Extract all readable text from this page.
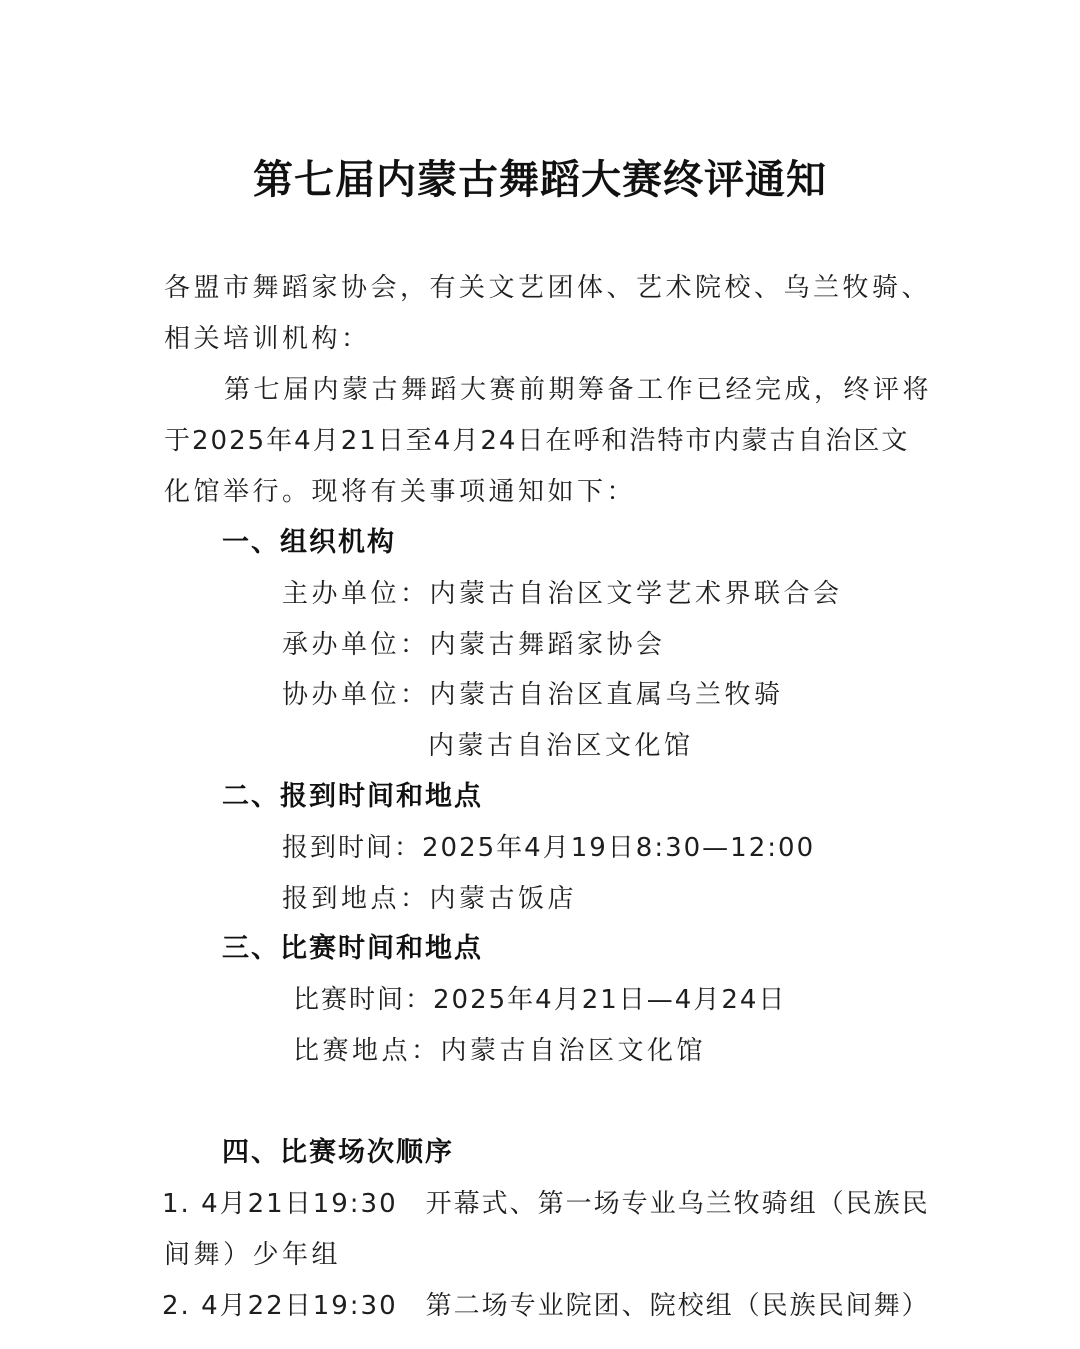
第七届内蒙古舞蹈大赛终评通知
各盟市舞蹈家协会，有关文艺团体、艺术院校、乌兰牧骑、
相关培训机构：
第七届内蒙古舞蹈大赛前期筹备工作已经完成，终评将
于2025年4月21日至4月24日在呼和浩特市内蒙古自治区文
化馆举行。现将有关事项通知如下：
一、组织机构
主办单位：内蒙古自治区文学艺术界联合会
承办单位：内蒙古舞蹈家协会
协办单位：内蒙古自治区直属乌兰牧骑
内蒙古自治区文化馆
二、报到时间和地点
报到时间：2025年4月19日8:30—12:00
报到地点：内蒙古饭店
三、比赛时间和地点
比赛时间：2025年4月21日—4月24日
比赛地点：内蒙古自治区文化馆
四、比赛场次顺序
1. 4月21日19:30　开幕式、第一场专业乌兰牧骑组（民族民
间舞）少年组
2. 4月22日19:30　第二场专业院团、院校组（民族民间舞）
